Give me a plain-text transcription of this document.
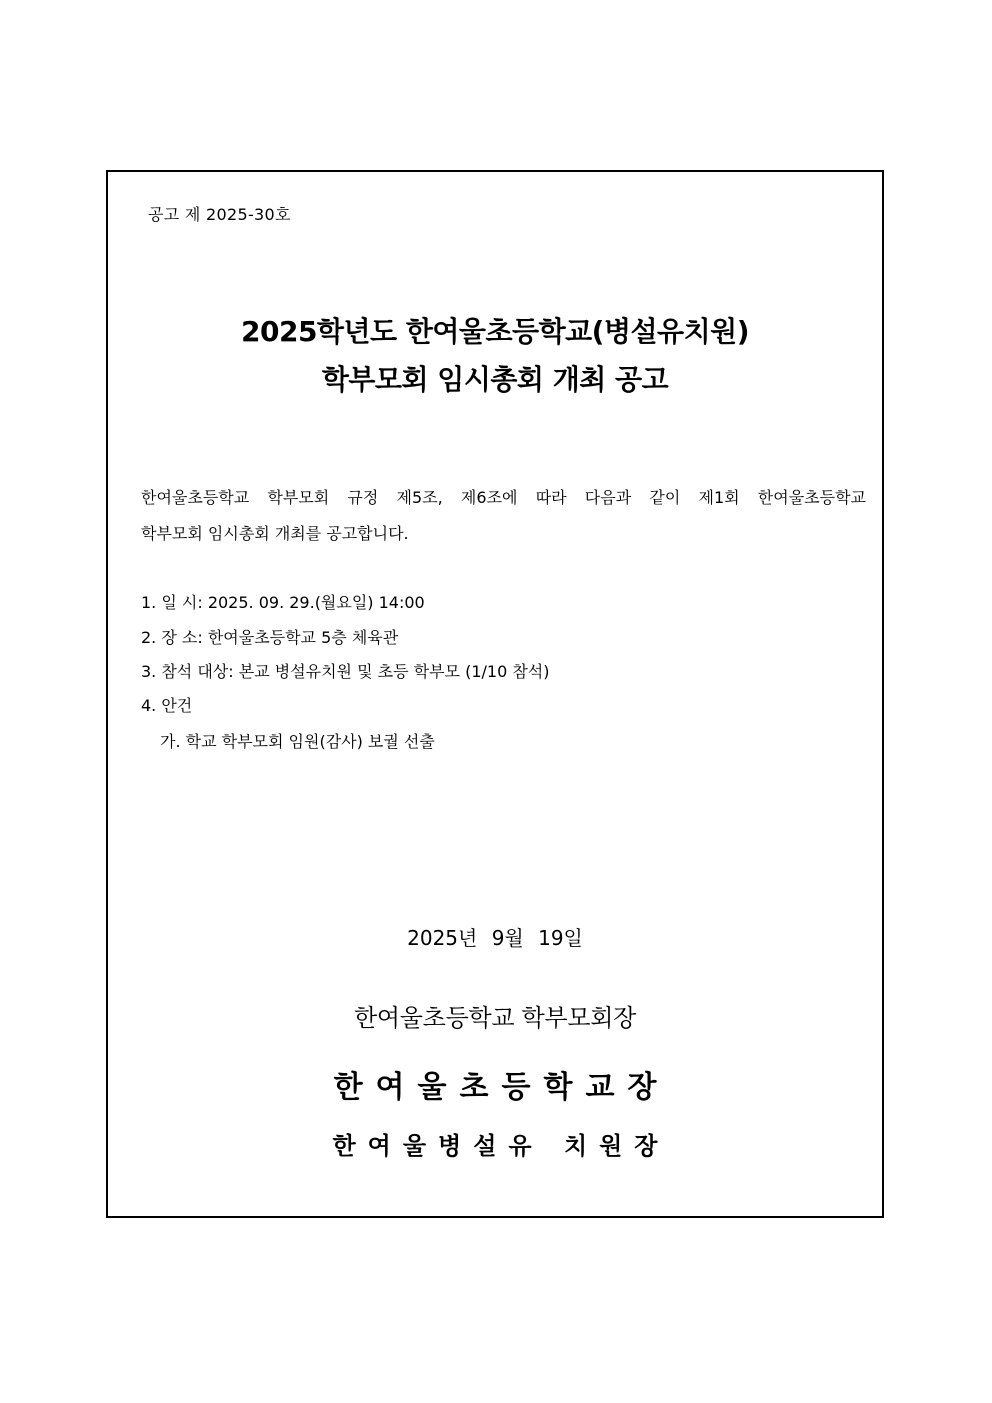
공고 제 2025-30호
2025학년도 한여울초등학교(병설유치원)
학부모회 임시총회 개최 공고
한여울초등학교 학부모회 규정 제5조, 제6조에 따라 다음과 같이 제1회 한여울초등학교
학부모회 임시총회 개최를 공고합니다.
1. 일 시: 2025. 09. 29.(월요일) 14:00
2. 장 소: 한여울초등학교 5층 체육관
3. 참석 대상: 본교 병설유치원 및 초등 학부모 (1/10 참석)
4. 안건
가. 학교 학부모회 임원(감사) 보궐 선출
2025년 9월 19일
한여울초등학교 학부모회장
한여울초등학교장
한여울병설유 치원장
